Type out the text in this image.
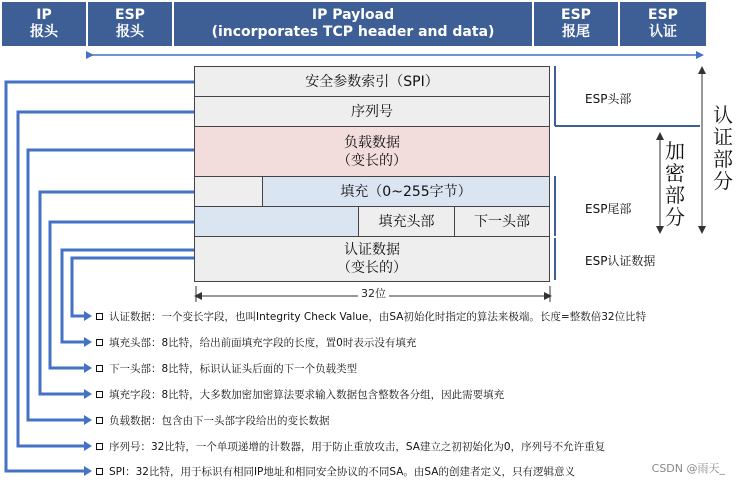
IP
报头
ESP
报头
IP Payload
(incorporates TCP header and data)
ESP
报尾
ESP
认证
安全参数索引（SPI）
序列号
负载数据
（变长的）
填充（0~255字节）
填充头部	下一头部
认证数据
（变长的）
32位
ESP头部
ESP尾部
ESP认证数据
加
密
部
分
认
证
部
分
认证数据：一个变长字段，也叫Integrity Check Value，由SA初始化时指定的算法来极端。长度=整数倍32位比特
填充头部：8比特，给出前面填充字段的长度，置0时表示没有填充
下一头部：8比特，标识认证头后面的下一个负载类型
填充字段：8比特，大多数加密加密算法要求输入数据包含整数各分组，因此需要填充
负载数据：包含由下一头部字段给出的变长数据
序列号：32比特，一个单项递增的计数器，用于防止重放攻击，SA建立之初初始化为0，序列号不允许重复
SPI：32比特，用于标识有相同IP地址和相同安全协议的不同SA。由SA的创建者定义，只有逻辑意义	CSDN @雨天_
